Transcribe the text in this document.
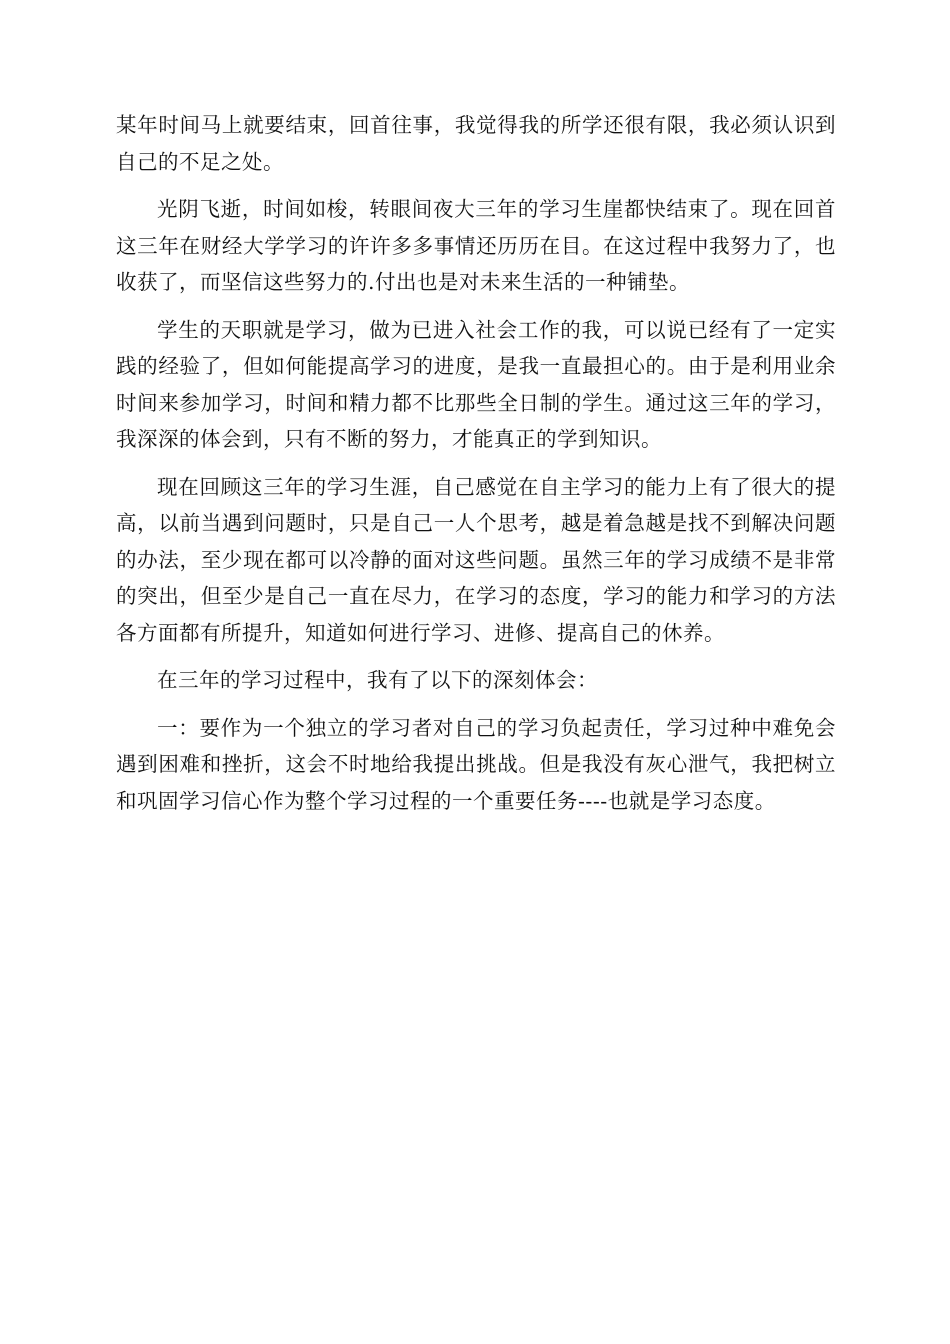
某年时间马上就要结束，回首往事，我觉得我的所学还很有限，我必须认识到自己的不足之处。

光阴飞逝，时间如梭，转眼间夜大三年的学习生崖都快结束了。现在回首这三年在财经大学学习的许许多多事情还历历在目。在这过程中我努力了，也收获了，而坚信这些努力的.付出也是对未来生活的一种铺垫。

学生的天职就是学习，做为已进入社会工作的我，可以说已经有了一定实践的经验了，但如何能提高学习的进度，是我一直最担心的。由于是利用业余时间来参加学习，时间和精力都不比那些全日制的学生。通过这三年的学习，我深深的体会到，只有不断的努力，才能真正的学到知识。

现在回顾这三年的学习生涯，自己感觉在自主学习的能力上有了很大的提高，以前当遇到问题时，只是自己一人个思考，越是着急越是找不到解决问题的办法，至少现在都可以冷静的面对这些问题。虽然三年的学习成绩不是非常的突出，但至少是自己一直在尽力，在学习的态度，学习的能力和学习的方法各方面都有所提升，知道如何进行学习、进修、提高自己的休养。

在三年的学习过程中，我有了以下的深刻体会：

一：要作为一个独立的学习者对自己的学习负起责任，学习过种中难免会遇到困难和挫折，这会不时地给我提出挑战。但是我没有灰心泄气，我把树立和巩固学习信心作为整个学习过程的一个重要任务----也就是学习态度。
